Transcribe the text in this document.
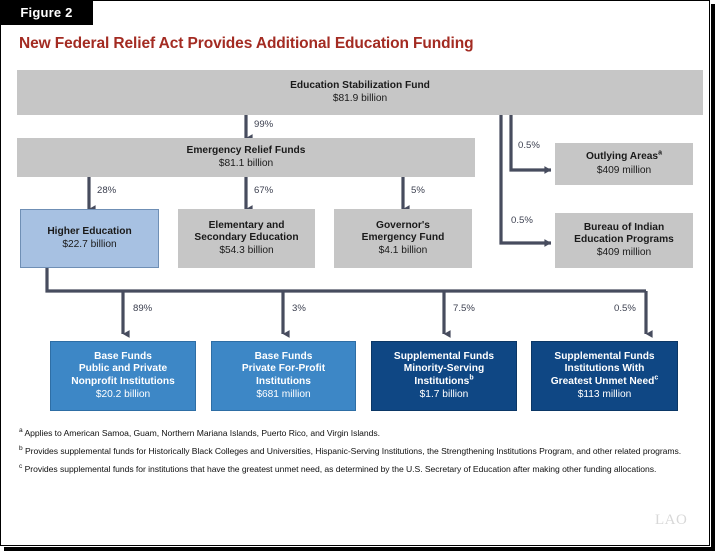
Figure 2
New Federal Relief Act Provides Additional Education Funding
99%
0.5%
0.5%
28%	67%	5%
89%	3%	7.5%	0.5%
Education Stabilization Fund
$81.9 billion
Emergency Relief Funds
$81.1 billion
Outlying Areas$^a$
$409 million
Bureau of Indian
Education Programs
$409 million
Higher Education
$22.7 billion
Elementary and
Secondary Education
$54.3 billion
Governor's
Emergency Fund
$4.1 billion
Base Funds
Public and Private
Nonprofit Institutions
$20.2 billion
Base Funds
Private For-Profit
Institutions
$681 million
Supplemental Funds
Minority-Serving
Institutions$^b$
$1.7 billion
Supplemental Funds
Institutions With
Greatest Unmet Need$^c$
$113 million
$^a$ Applies to American Samoa, Guam, Northern Mariana Islands, Puerto Rico, and Virgin Islands.
$^b$ Provides supplemental funds for Historically Black Colleges and Universities, Hispanic-Serving Institutions, the Strengthening Institutions Program, and other related programs.
$^c$ Provides supplemental funds for institutions that have the greatest unmet need, as determined by the U.S. Secretary of Education after making other funding allocations.
LAO
